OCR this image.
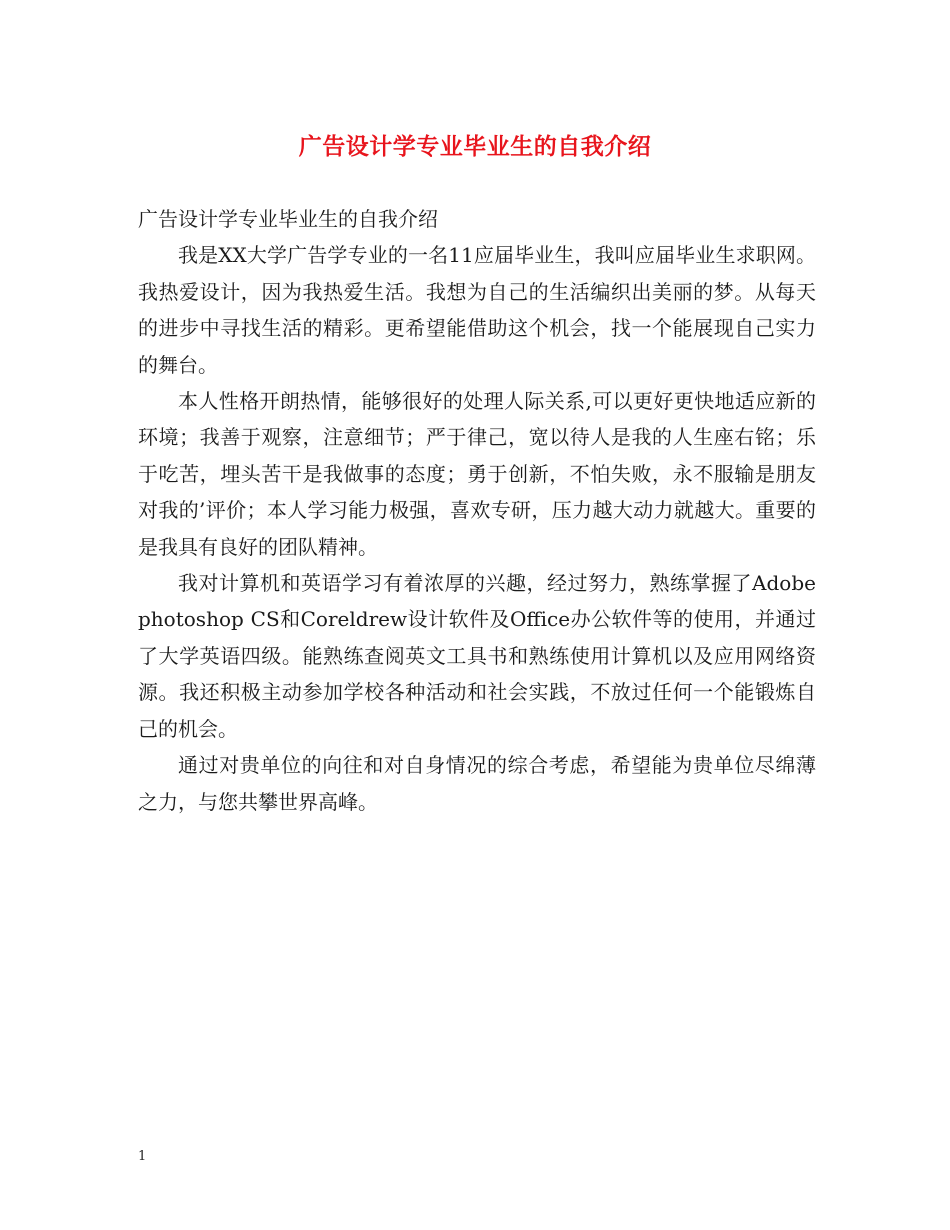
广告设计学专业毕业生的自我介绍

广告设计学专业毕业生的自我介绍

我是XX大学广告学专业的一名11应届毕业生，我叫应届毕业生求职网。我热爱设计，因为我热爱生活。我想为自己的生活编织出美丽的梦。从每天的进步中寻找生活的精彩。更希望能借助这个机会，找一个能展现自己实力的舞台。

本人性格开朗热情，能够很好的处理人际关系,可以更好更快地适应新的环境；我善于观察，注意细节；严于律己，宽以待人是我的人生座右铭；乐于吃苦，埋头苦干是我做事的态度；勇于创新，不怕失败，永不服输是朋友对我的’评价；本人学习能力极强，喜欢专研，压力越大动力就越大。重要的是我具有良好的团队精神。

我对计算机和英语学习有着浓厚的兴趣，经过努力，熟练掌握了Adobe photoshop CS和Coreldrew设计软件及Office办公软件等的使用，并通过了大学英语四级。能熟练查阅英文工具书和熟练使用计算机以及应用网络资源。我还积极主动参加学校各种活动和社会实践，不放过任何一个能锻炼自己的机会。

通过对贵单位的向往和对自身情况的综合考虑，希望能为贵单位尽绵薄之力，与您共攀世界高峰。

1
